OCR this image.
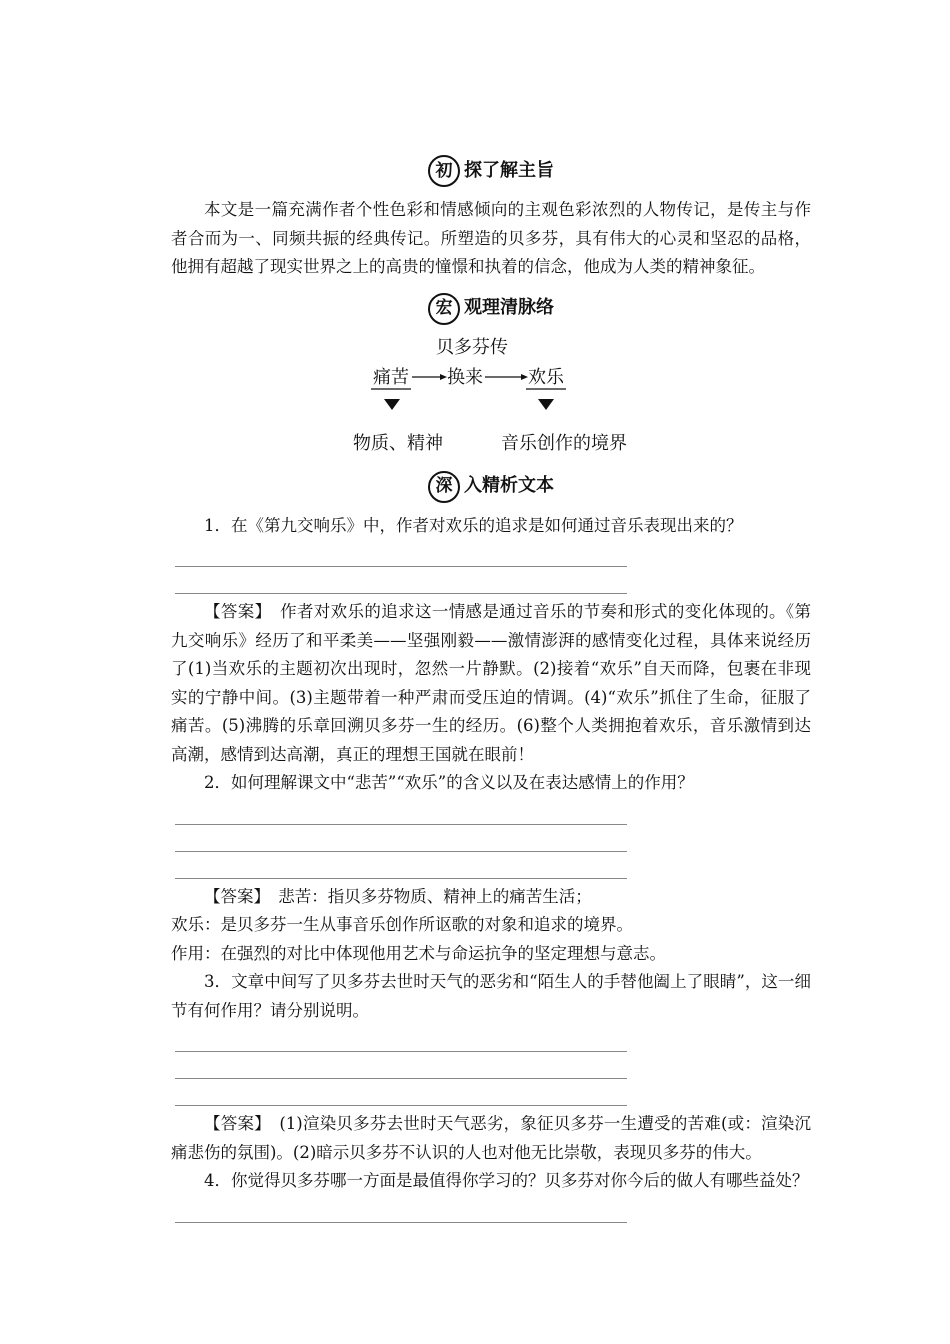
初 探了解主旨

本文是一篇充满作者个性色彩和情感倾向的主观色彩浓烈的人物传记，是传主与作者合而为一、同频共振的经典传记。所塑造的贝多芬，具有伟大的心灵和坚忍的品格，他拥有超越了现实世界之上的高贵的憧憬和执着的信念，他成为人类的精神象征。

宏 观理清脉络
贝多芬传
痛苦 换来	欢乐
物质、精神	音乐创作的境界
深 入精析文本

1．在《第九交响乐》中，作者对欢乐的追求是如何通过音乐表现出来的？

【答案】　 作者对欢乐的追求这一情感是通过音乐的节奏和形式的变化体现的。《第九交响乐》经历了和平柔美——坚强刚毅——激情澎湃的感情变化过程，具体来说经历了(1)当欢乐的主题初次出现时，忽然一片静默。(2)接着“欢乐”自天而降，包裹在非现实的宁静中间。(3)主题带着一种严肃而受压迫的情调。(4)“欢乐”抓住了生命，征服了痛苦。(5)沸腾的乐章回溯贝多芬一生的经历。(6)整个人类拥抱着欢乐，音乐激情到达高潮，感情到达高潮，真正的理想王国就在眼前！

2．如何理解课文中“悲苦”“欢乐”的含义以及在表达感情上的作用？

【答案】　 悲苦：指贝多芬物质、精神上的痛苦生活；

欢乐：是贝多芬一生从事音乐创作所讴歌的对象和追求的境界。

作用：在强烈的对比中体现他用艺术与命运抗争的坚定理想与意志。

3．文章中间写了贝多芬去世时天气的恶劣和“陌生人的手替他阖上了眼睛”，这一细节有何作用？请分别说明。

【答案】　 (1)渲染贝多芬去世时天气恶劣，象征贝多芬一生遭受的苦难(或：渲染沉痛悲伤的氛围)。(2)暗示贝多芬不认识的人也对他无比崇敬，表现贝多芬的伟大。

4．你觉得贝多芬哪一方面是最值得你学习的？贝多芬对你今后的做人有哪些益处？
